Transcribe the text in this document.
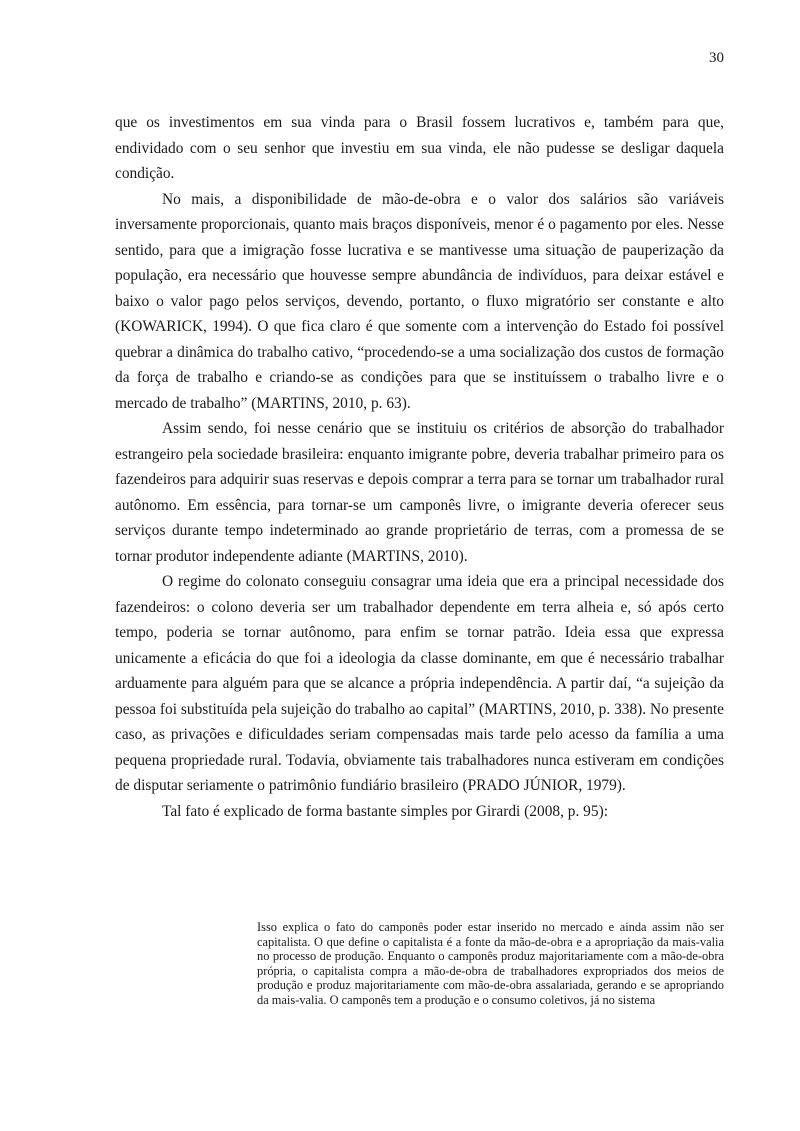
30

que os investimentos em sua vinda para o Brasil fossem lucrativos e, também para que, endividado com o seu senhor que investiu em sua vinda, ele não pudesse se desligar daquela condição.

No mais, a disponibilidade de mão-de-obra e o valor dos salários são variáveis inversamente proporcionais, quanto mais braços disponíveis, menor é o pagamento por eles. Nesse sentido, para que a imigração fosse lucrativa e se mantivesse uma situação de pauperização da população, era necessário que houvesse sempre abundância de indivíduos, para deixar estável e baixo o valor pago pelos serviços, devendo, portanto, o fluxo migratório ser constante e alto (KOWARICK, 1994). O que fica claro é que somente com a intervenção do Estado foi possível quebrar a dinâmica do trabalho cativo, “procedendo-se a uma socialização dos custos de formação da força de trabalho e criando-se as condições para que se instituíssem o trabalho livre e o mercado de trabalho” (MARTINS, 2010, p. 63).

Assim sendo, foi nesse cenário que se instituiu os critérios de absorção do trabalhador estrangeiro pela sociedade brasileira: enquanto imigrante pobre, deveria trabalhar primeiro para os fazendeiros para adquirir suas reservas e depois comprar a terra para se tornar um trabalhador rural autônomo. Em essência, para tornar-se um camponês livre, o imigrante deveria oferecer seus serviços durante tempo indeterminado ao grande proprietário de terras, com a promessa de se tornar produtor independente adiante (MARTINS, 2010).

O regime do colonato conseguiu consagrar uma ideia que era a principal necessidade dos fazendeiros: o colono deveria ser um trabalhador dependente em terra alheia e, só após certo tempo, poderia se tornar autônomo, para enfim se tornar patrão. Ideia essa que expressa unicamente a eficácia do que foi a ideologia da classe dominante, em que é necessário trabalhar arduamente para alguém para que se alcance a própria independência. A partir daí, “a sujeição da pessoa foi substituída pela sujeição do trabalho ao capital” (MARTINS, 2010, p. 338). No presente caso, as privações e dificuldades seriam compensadas mais tarde pelo acesso da família a uma pequena propriedade rural. Todavia, obviamente tais trabalhadores nunca estiveram em condições de disputar seriamente o patrimônio fundiário brasileiro (PRADO JÚNIOR, 1979).

Tal fato é explicado de forma bastante simples por Girardi (2008, p. 95):

Isso explica o fato do camponês poder estar inserido no mercado e ainda assim não ser capitalista. O que define o capitalista é a fonte da mão-de-obra e a apropriação da mais-valia no processo de produção. Enquanto o camponês produz majoritariamente com a mão-de-obra própria, o capitalista compra a mão-de-obra de trabalhadores expropriados dos meios de produção e produz majoritariamente com mão-de-obra assalariada, gerando e se apropriando da mais-valia. O camponês tem a produção e o consumo coletivos, já no sistema
